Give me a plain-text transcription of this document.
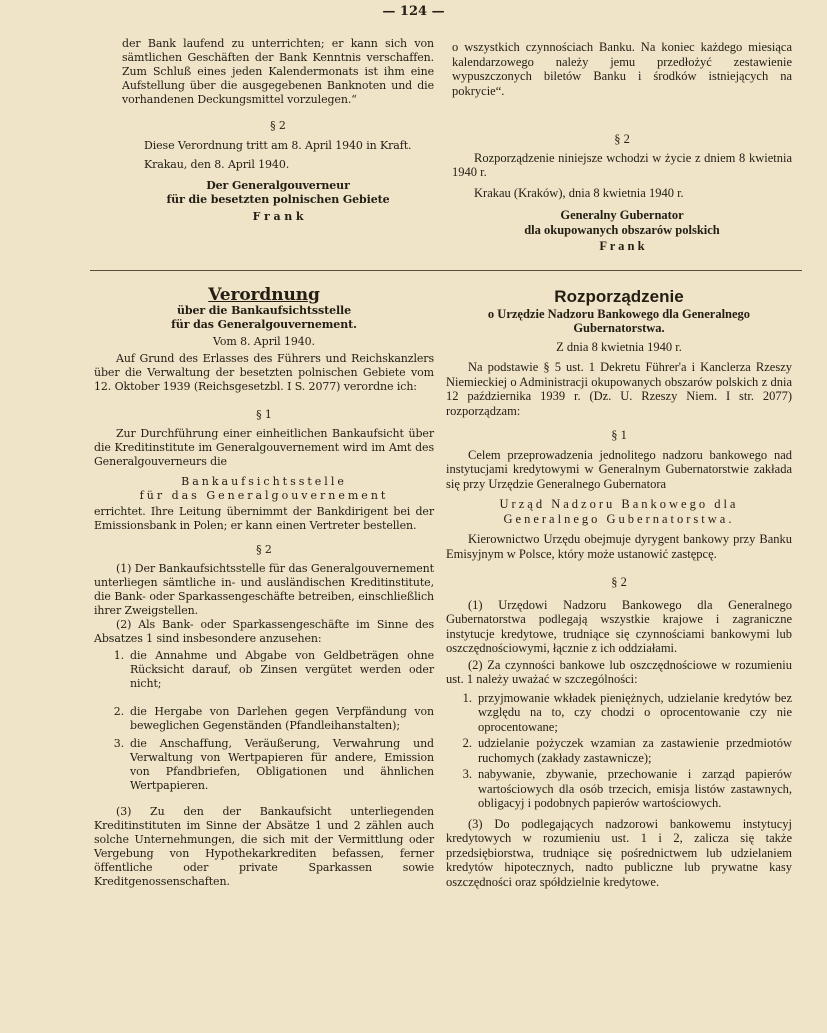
— 124 —

der Bank laufend zu unterrichten; er kann sich von sämtlichen Geschäften der Bank Kenntnis verschaffen. Zum Schluß eines jeden Kalendermonats ist ihm eine Aufstellung über die ausgegebenen Banknoten und die vorhandenen Deckungsmittel vorzulegen.“

§ 2

Diese Verordnung tritt am 8. April 1940 in Kraft.

Krakau, den 8. April 1940.

Der Generalgouverneur

für die besetzten polnischen Gebiete

F r a n k

o wszystkich czynnościach Banku. Na koniec każdego miesiąca kalendarzowego należy jemu przedłożyć zestawienie wypuszczonych biletów Banku i środków istniejących na pokrycie“.

§ 2

Rozporządzenie niniejsze wchodzi w życie z dniem 8 kwietnia 1940 r.

Krakau (Kraków), dnia 8 kwietnia 1940 r.

Generalny Gubernator

dla okupowanych obszarów polskich

F r a n k

Verordnung

über die Bankaufsichtsstelle

für das Generalgouvernement.

Vom 8. April 1940.

Auf Grund des Erlasses des Führers und Reichskanzlers über die Verwaltung der besetzten polnischen Gebiete vom 12. Oktober 1939 (Reichsgesetzbl. I S. 2077) verordne ich:

§ 1

Zur Durchführung einer einheitlichen Bankaufsicht über die Kreditinstitute im Generalgouvernement wird im Amt des Generalgouverneurs die

Bankaufsichtsstelle

für das Generalgouvernement

errichtet. Ihre Leitung übernimmt der Bankdirigent bei der Emissionsbank in Polen; er kann einen Vertreter bestellen.

§ 2

(1) Der Bankaufsichtsstelle für das Generalgouvernement unterliegen sämtliche in- und ausländischen Kreditinstitute, die Bank- oder Sparkassengeschäfte betreiben, einschließlich ihrer Zweigstellen.

(2) Als Bank- oder Sparkassengeschäfte im Sinne des Absatzes 1 sind insbesondere anzusehen:

1. die Annahme und Abgabe von Geldbeträgen ohne Rücksicht darauf, ob Zinsen vergütet werden oder nicht;
2. die Hergabe von Darlehen gegen Verpfändung von beweglichen Gegenständen (Pfandleihanstalten);
3. die Anschaffung, Veräußerung, Verwahrung und Verwaltung von Wertpapieren für andere, Emission von Pfandbriefen, Obligationen und ähnlichen Wertpapieren.

(3) Zu den der Bankaufsicht unterliegenden Kreditinstituten im Sinne der Absätze 1 und 2 zählen auch solche Unternehmungen, die sich mit der Vermittlung oder Vergebung von Hypothekarkrediten befassen, ferner öffentliche oder private Sparkassen sowie Kreditgenossenschaften.

Rozporządzenie

o Urzędzie Nadzoru Bankowego dla Generalnego

Gubernatorstwa.

Z dnia 8 kwietnia 1940 r.

Na podstawie § 5 ust. 1 Dekretu Führer'a i Kanclerza Rzeszy Niemieckiej o Administracji okupowanych obszarów polskich z dnia 12 października 1939 r. (Dz. U. Rzeszy Niem. I str. 2077) rozporządzam:

§ 1

Celem przeprowadzenia jednolitego nadzoru bankowego nad instytucjami kredytowymi w Generalnym Gubernatorstwie zakłada się przy Urzędzie Generalnego Gubernatora

Urząd Nadzoru Bankowego dla

Generalnego Gubernatorstwa.

Kierownictwo Urzędu obejmuje dyrygent bankowy przy Banku Emisyjnym w Polsce, który może ustanowić zastępcę.

§ 2

(1) Urzędowi Nadzoru Bankowego dla Generalnego Gubernatorstwa podlegają wszystkie krajowe i zagraniczne instytucje kredytowe, trudniące się czynnościami bankowymi lub oszczędnościowymi, łącznie z ich oddziałami.

(2) Za czynności bankowe lub oszczędnościowe w rozumieniu ust. 1 należy uważać w szczególności:

1. przyjmowanie wkładek pieniężnych, udzielanie kredytów bez względu na to, czy chodzi o oprocentowanie czy nie oprocentowane;
2. udzielanie pożyczek wzamian za zastawienie przedmiotów ruchomych (zakłady zastawnicze);
3. nabywanie, zbywanie, przechowanie i zarząd papierów wartościowych dla osób trzecich, emisja listów zastawnych, obligacyj i podobnych papierów wartościowych.

(3) Do podlegających nadzorowi bankowemu instytucyj kredytowych w rozumieniu ust. 1 i 2, zalicza się także przedsiębiorstwa, trudniące się pośrednictwem lub udzielaniem kredytów hipotecznych, nadto publiczne lub prywatne kasy oszczędności oraz spółdzielnie kredytowe.
